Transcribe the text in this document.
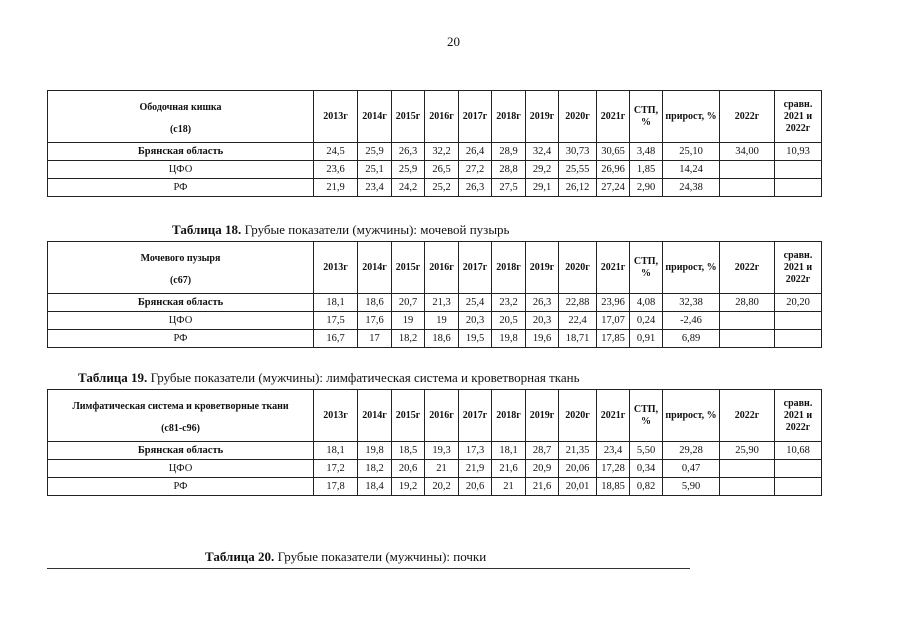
20
Ободочная кишка
(c18)	2013г	2014г	2015г	2016г	2017г	2018г	2019г	2020г	2021г	СТП, %	прирост, %	2022г	сравн. 2021 и 2022г
Брянская область	24,5	25,9	26,3	32,2	26,4	28,9	32,4	30,73	30,65	3,48	25,10	34,00	10,93
ЦФО	23,6	25,1	25,9	26,5	27,2	28,8	29,2	25,55	26,96	1,85	14,24		
РФ	21,9	23,4	24,2	25,2	26,3	27,5	29,1	26,12	27,24	2,90	24,38		
Таблица 18. Грубые показатели (мужчины): мочевой пузырь
Мочевого пузыря
(c67)	2013г	2014г	2015г	2016г	2017г	2018г	2019г	2020г	2021г	СТП, %	прирост, %	2022г	сравн. 2021 и 2022г
Брянская область	18,1	18,6	20,7	21,3	25,4	23,2	26,3	22,88	23,96	4,08	32,38	28,80	20,20
ЦФО	17,5	17,6	19	19	20,3	20,5	20,3	22,4	17,07	0,24	-2,46		
РФ	16,7	17	18,2	18,6	19,5	19,8	19,6	18,71	17,85	0,91	6,89		
Таблица 19. Грубые показатели (мужчины): лимфатическая система и кроветворная ткань
Лимфатическая система и кроветворные ткани
(c81-c96)	2013г	2014г	2015г	2016г	2017г	2018г	2019г	2020г	2021г	СТП, %	прирост, %	2022г	сравн. 2021 и 2022г
Брянская область	18,1	19,8	18,5	19,3	17,3	18,1	28,7	21,35	23,4	5,50	29,28	25,90	10,68
ЦФО	17,2	18,2	20,6	21	21,9	21,6	20,9	20,06	17,28	0,34	0,47		
РФ	17,8	18,4	19,2	20,2	20,6	21	21,6	20,01	18,85	0,82	5,90		
Таблица 20. Грубые показатели (мужчины): почки
